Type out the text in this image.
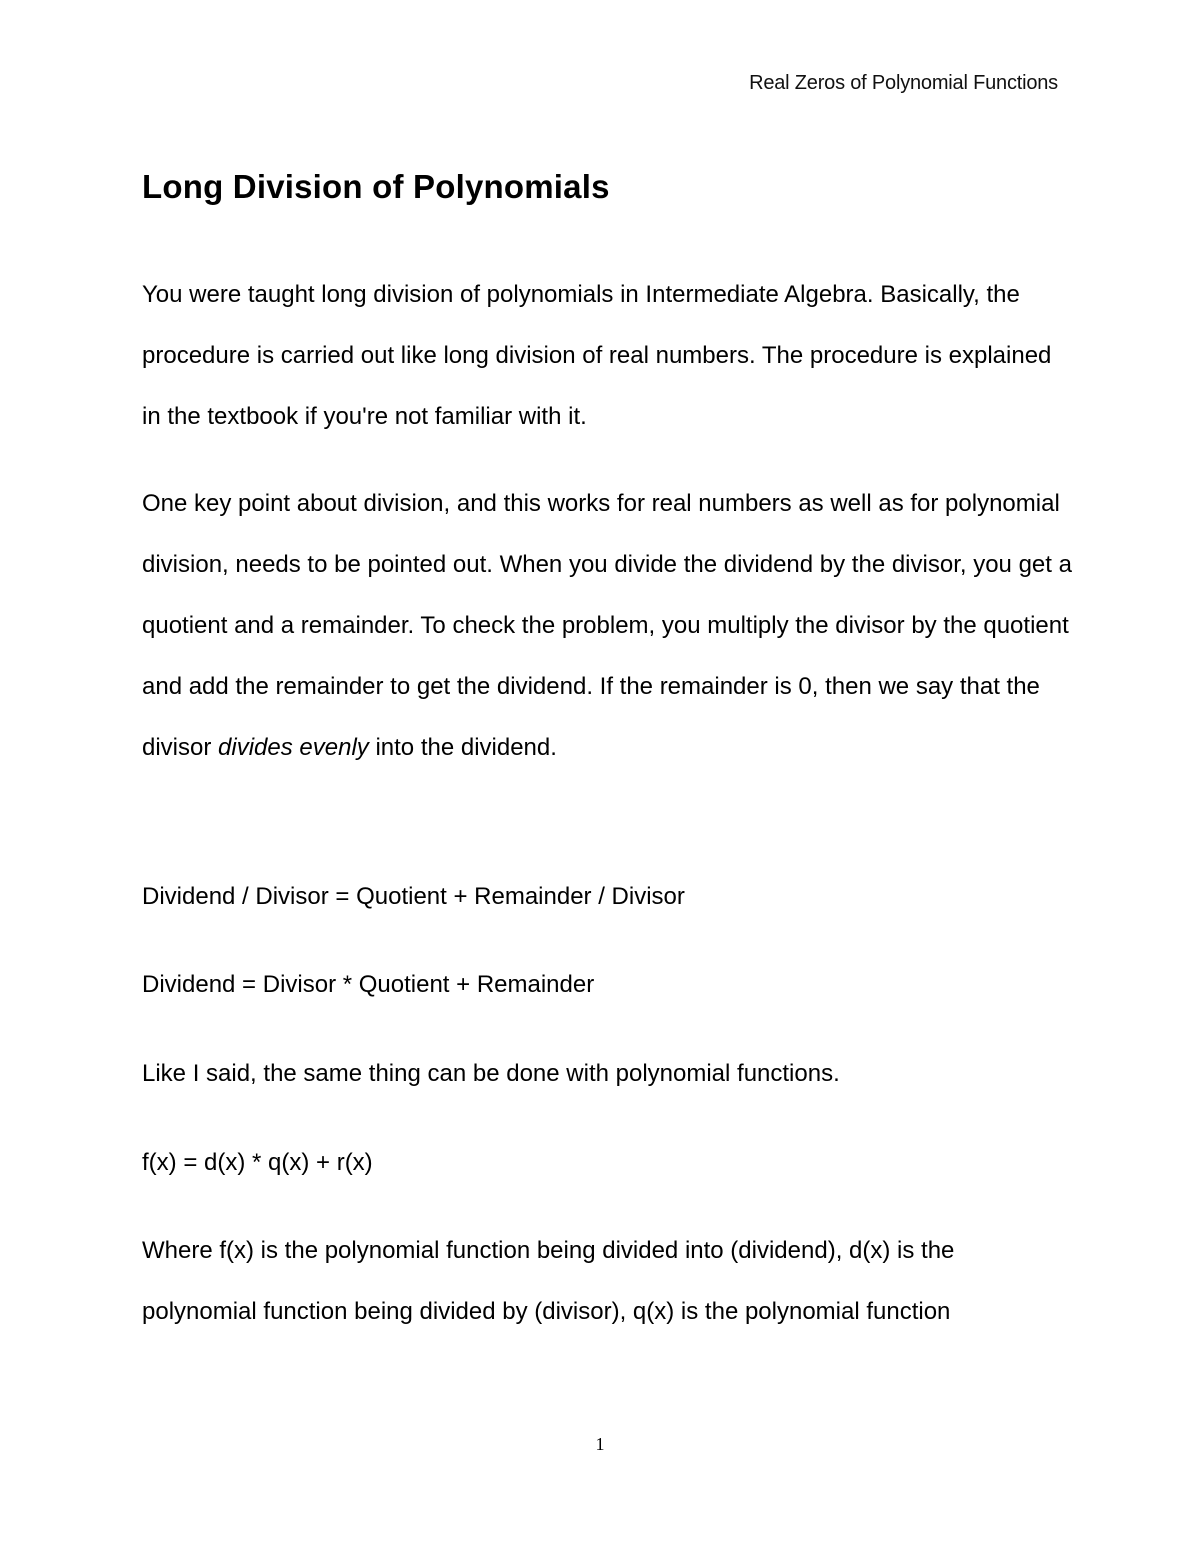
Real Zeros of Polynomial Functions
Long Division of Polynomials

You were taught long division of polynomials in Intermediate Algebra. Basically, the procedure is carried out like long division of real numbers. The procedure is explained in the textbook if you're not familiar with it.

One key point about division, and this works for real numbers as well as for polynomial division, needs to be pointed out. When you divide the dividend by the divisor, you get a quotient and a remainder. To check the problem, you multiply the divisor by the quotient and add the remainder to get the dividend. If the remainder is 0, then we say that the divisor divides evenly into the dividend.

Dividend / Divisor = Quotient + Remainder / Divisor

Dividend = Divisor * Quotient + Remainder

Like I said, the same thing can be done with polynomial functions.

f(x) = d(x) * q(x) + r(x)

Where f(x) is the polynomial function being divided into (dividend), d(x) is the polynomial function being divided by (divisor), q(x) is the polynomial function

1
